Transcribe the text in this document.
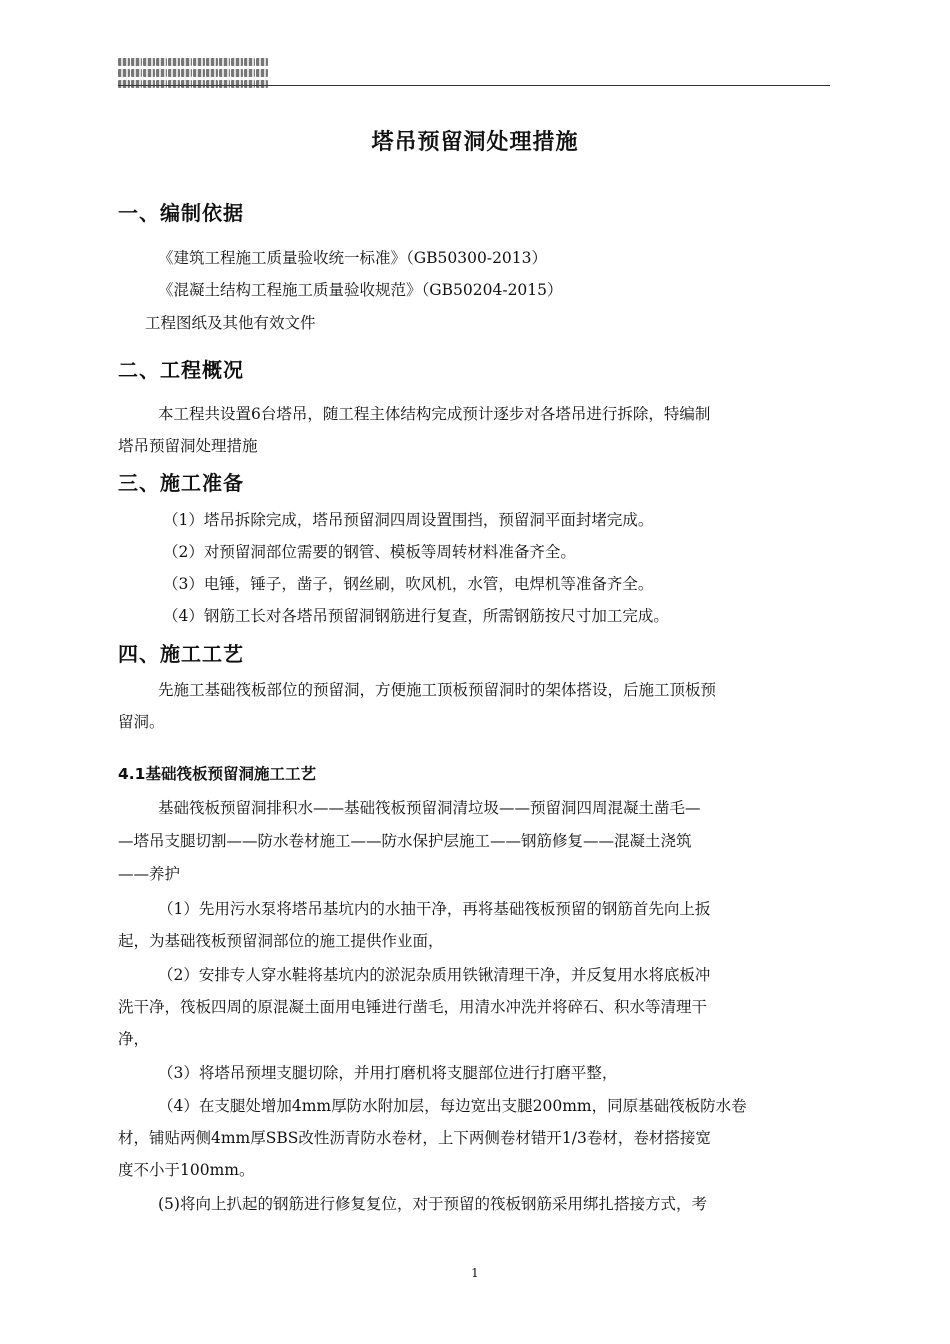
塔吊预留洞处理措施
一、编制依据
《建筑工程施工质量验收统一标准》（GB50300-2013）
《混凝土结构工程施工质量验收规范》（GB50204-2015）
工程图纸及其他有效文件
二、工程概况
本工程共设置6台塔吊，随工程主体结构完成预计逐步对各塔吊进行拆除，特编制
塔吊预留洞处理措施
三、施工准备
（1）塔吊拆除完成，塔吊预留洞四周设置围挡，预留洞平面封堵完成。
（2）对预留洞部位需要的钢管、模板等周转材料准备齐全。
（3）电锤，锤子，凿子，钢丝刷，吹风机，水管，电焊机等准备齐全。
（4）钢筋工长对各塔吊预留洞钢筋进行复查，所需钢筋按尺寸加工完成。
四、施工工艺
先施工基础筏板部位的预留洞，方便施工顶板预留洞时的架体搭设，后施工顶板预
留洞。
4.1基础筏板预留洞施工工艺
基础筏板预留洞排积水——基础筏板预留洞清垃圾——预留洞四周混凝土凿毛—
—塔吊支腿切割——防水卷材施工——防水保护层施工——钢筋修复——混凝土浇筑
——养护
（1）先用污水泵将塔吊基坑内的水抽干净，再将基础筏板预留的钢筋首先向上扳
起，为基础筏板预留洞部位的施工提供作业面，
（2）安排专人穿水鞋将基坑内的淤泥杂质用铁锹清理干净，并反复用水将底板冲
洗干净，筏板四周的原混凝土面用电锤进行凿毛，用清水冲洗并将碎石、积水等清理干
净，
（3）将塔吊预埋支腿切除，并用打磨机将支腿部位进行打磨平整，
（4）在支腿处增加4mm厚防水附加层，每边宽出支腿200mm，同原基础筏板防水卷
材，铺贴两侧4mm厚SBS改性沥青防水卷材，上下两侧卷材错开1/3卷材，卷材搭接宽
度不小于100mm。
(5)将向上扒起的钢筋进行修复复位，对于预留的筏板钢筋采用绑扎搭接方式，考
1
